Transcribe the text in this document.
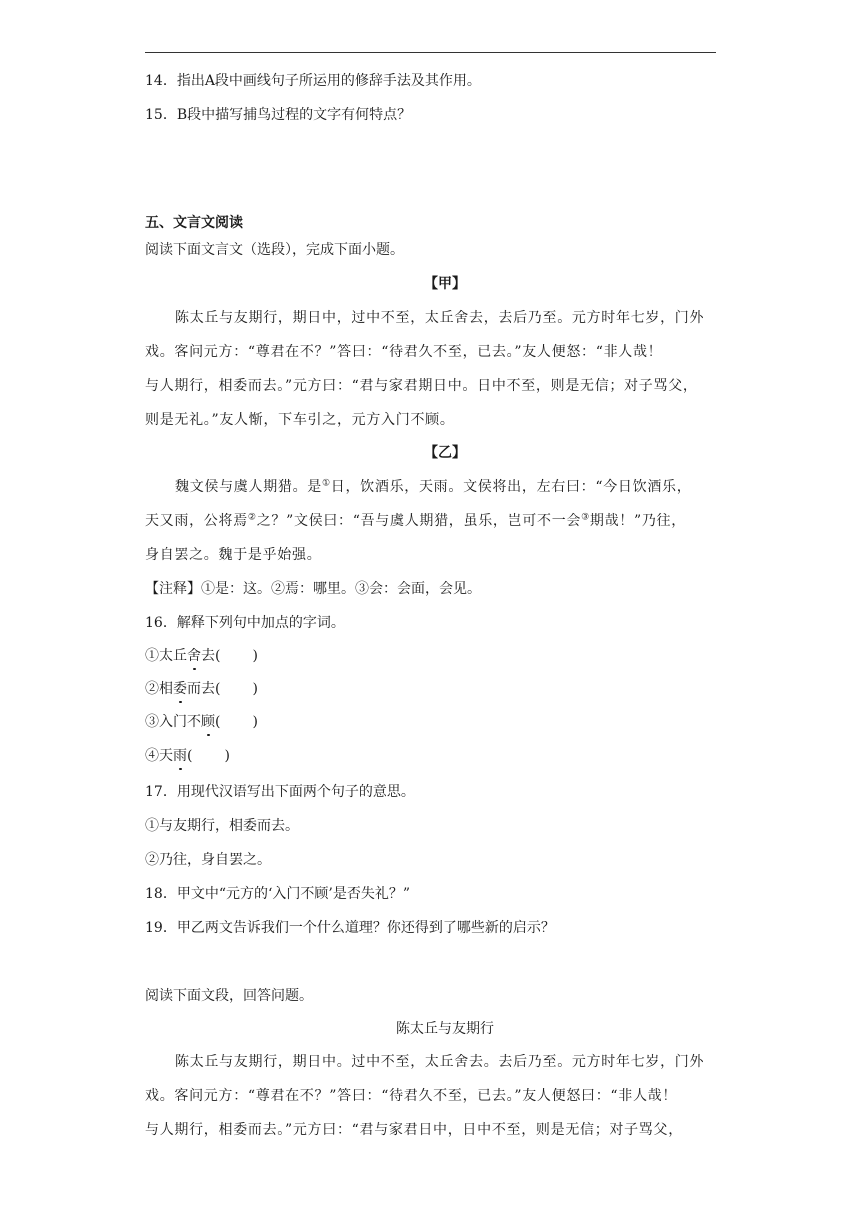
14．指出A段中画线句子所运用的修辞手法及其作用。
15．B段中描写捕鸟过程的文字有何特点？
五、文言文阅读
阅读下面文言文（选段），完成下面小题。
【甲】
陈太丘与友期行，期日中，过中不至，太丘舍去，去后乃至。元方时年七岁，门外
戏。客问元方：“尊君在不？”答曰：“待君久不至，已去。”友人便怒：“非人哉！
与人期行，相委而去。”元方曰：“君与家君期日中。日中不至，则是无信；对子骂父，
则是无礼。”友人惭，下车引之，元方入门不顾。
【乙】
魏文侯与虞人期猎。是①日，饮酒乐，天雨。文侯将出，左右曰：“今日饮酒乐，
天又雨，公将焉②之？”文侯曰：“吾与虞人期猎，虽乐，岂可不一会③期哉！”乃往，
身自罢之。魏于是乎始强。
【注释】①是：这。②焉：哪里。③会：会面，会见。
16．解释下列句中加点的字词。
①太丘舍去( )
②相委而去( )
③入门不顾( )
④天雨( )
17．用现代汉语写出下面两个句子的意思。
①与友期行，相委而去。
②乃往，身自罢之。
18．甲文中“元方的‘入门不顾’是否失礼？”
19．甲乙两文告诉我们一个什么道理？你还得到了哪些新的启示？
阅读下面文段，回答问题。
陈太丘与友期行
陈太丘与友期行，期日中。过中不至，太丘舍去。去后乃至。元方时年七岁，门外
戏。客问元方：“尊君在不？”答曰：“待君久不至，已去。”友人便怒曰：“非人哉！
与人期行，相委而去。”元方曰：“君与家君日中，日中不至，则是无信；对子骂父，
